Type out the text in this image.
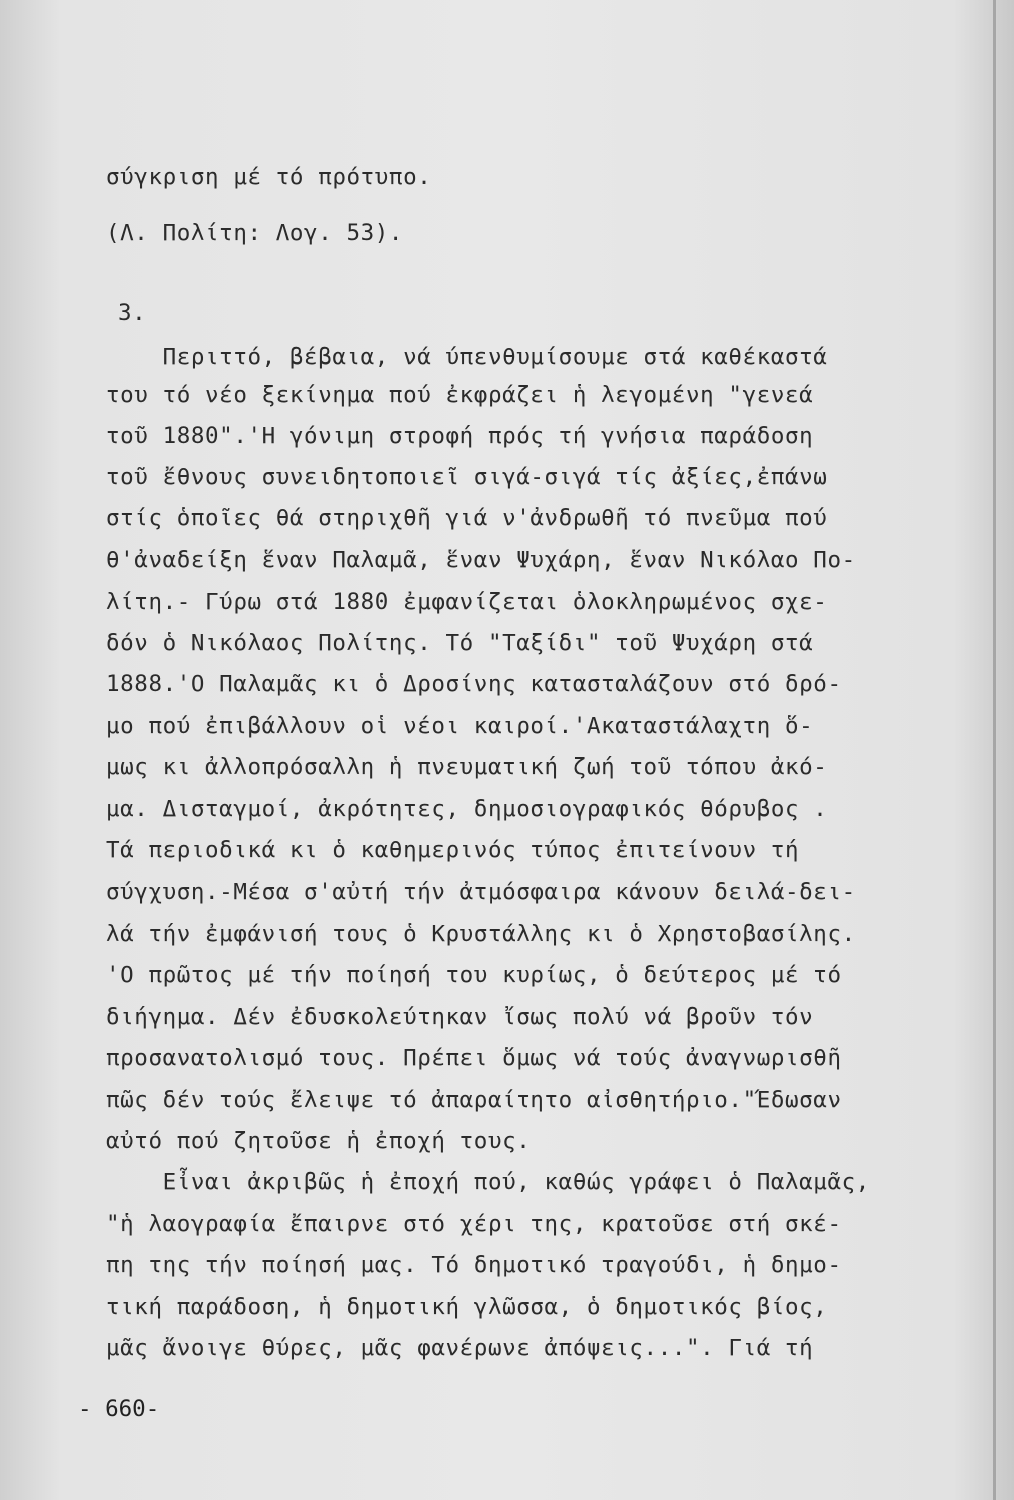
σύγκριση μέ τό πρότυπο.

(Λ. Πολίτη: Λογ. 53).

3.

Περιττό, βέβαια, νά ύπενθυμίσουμε στά καθέκαστά

του τό νέο ξεκίνημα πού ἐκφράζει ἡ λεγομένη "γενεά

τοῦ 1880".'Η γόνιμη στροφή πρός τή γνήσια παράδοση

τοῦ ἔθνους συνειδητοποιεῖ σιγά-σιγά τίς ἀξίες,ἐπάνω

στίς ὁποῖες θά στηριχθῆ γιά ν'ἀνδρωθῆ τό πνεῦμα πού

θ'ἀναδείξη ἕναν Παλαμᾶ, ἕναν Ψυχάρη, ἕναν Νικόλαο Πο-

λίτη.- Γύρω στά 1880 ἐμφανίζεται ὁλοκληρωμένος σχε-

δόν ὁ Νικόλαος Πολίτης. Τό "Ταξίδι" τοῦ Ψυχάρη στά

1888.'Ο Παλαμᾶς κι ὁ Δροσίνης κατασταλάζουν στό δρό-

μο πού ἐπιβάλλουν οἱ νέοι καιροί.'Ακαταστάλαχτη ὅ-

μως κι ἀλλοπρόσαλλη ἡ πνευματική ζωή τοῦ τόπου ἀκό-

μα. Δισταγμοί, ἀκρότητες, δημοσιογραφικός θόρυβος .

Τά περιοδικά κι ὁ καθημερινός τύπος ἐπιτείνουν τή

σύγχυση.-Μέσα σ'αὐτή τήν ἀτμόσφαιρα κάνουν δειλά-δει-

λά τήν ἐμφάνισή τους ὁ Κρυστάλλης κι ὁ Χρηστοβασίλης.

'Ο πρῶτος μέ τήν ποίησή του κυρίως, ὁ δεύτερος μέ τό

διήγημα. Δέν ἐδυσκολεύτηκαν ἴσως πολύ νά βροῦν τόν

προσανατολισμό τους. Πρέπει ὅμως νά τούς ἀναγνωρισθῆ

πῶς δέν τούς ἔλειψε τό ἀπαραίτητο αἰσθητήριο."Έδωσαν

αὐτό πού ζητοῦσε ἡ ἐποχή τους.

Εἶναι ἀκριβῶς ἡ ἐποχή πού, καθώς γράφει ὁ Παλαμᾶς,

"ἡ λαογραφία ἔπαιρνε στό χέρι της, κρατοῦσε στή σκέ-

πη της τήν ποίησή μας. Τό δημοτικό τραγούδι, ἡ δημο-

τική παράδοση, ἡ δημοτική γλῶσσα, ὁ δημοτικός βίος,

μᾶς ἄνοιγε θύρες, μᾶς φανέρωνε ἀπόψεις...". Γιά τή

- 660-
